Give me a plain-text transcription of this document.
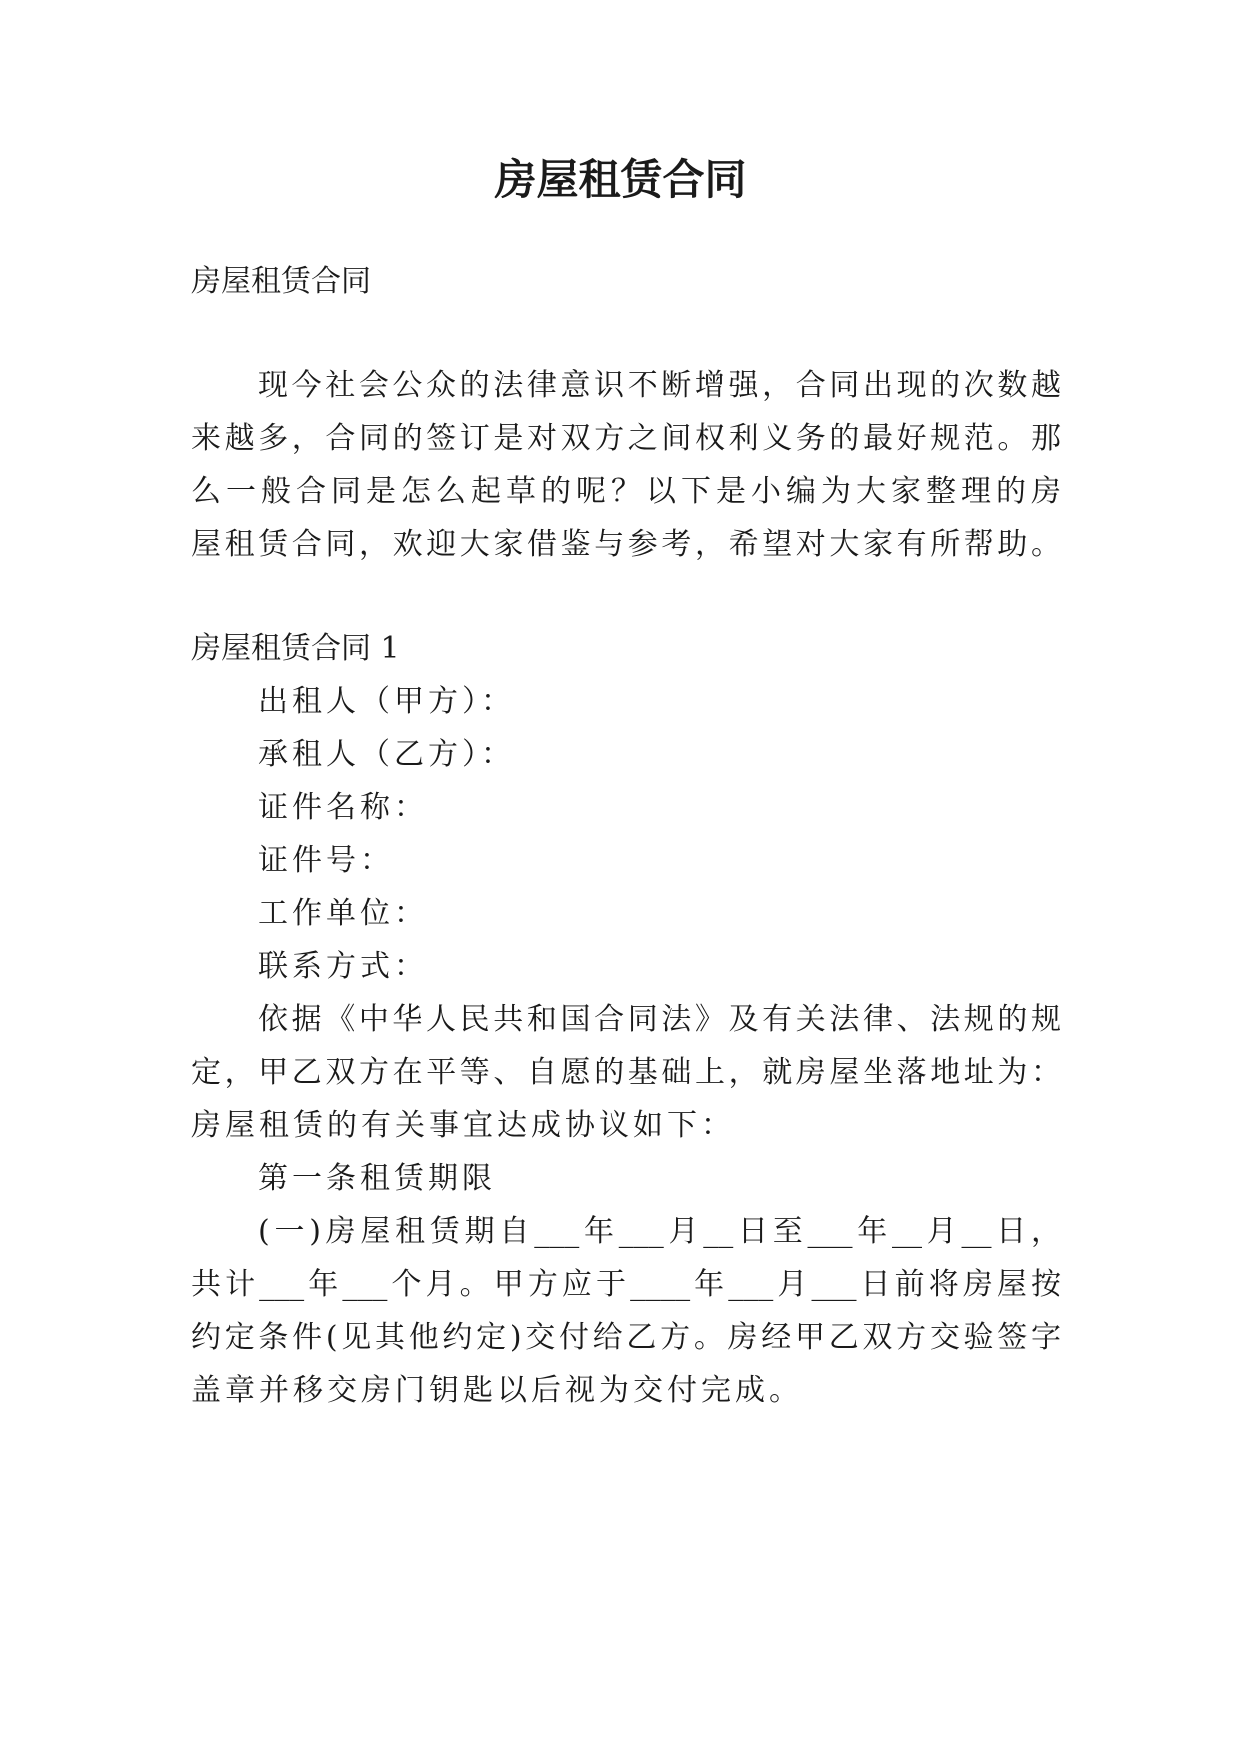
房屋租赁合同

房屋租赁合同

现今社会公众的法律意识不断增强，合同出现的次数越

来越多，合同的签订是对双方之间权利义务的最好规范。那

么一般合同是怎么起草的呢？以下是小编为大家整理的房

屋租赁合同，欢迎大家借鉴与参考，希望对大家有所帮助。

房屋租赁合同 1

出租人（甲方）：

承租人（乙方）：

证件名称：

证件号：

工作单位：

联系方式：

依据《中华人民共和国合同法》及有关法律、法规的规

定，甲乙双方在平等、自愿的基础上，就房屋坐落地址为：

房屋租赁的有关事宜达成协议如下：

第一条租赁期限

(一)房屋租赁期自___年___月__日至___年__月__日，

共计___年___个月。甲方应于____年___月___日前将房屋按

约定条件(见其他约定)交付给乙方。房经甲乙双方交验签字

盖章并移交房门钥匙以后视为交付完成。
